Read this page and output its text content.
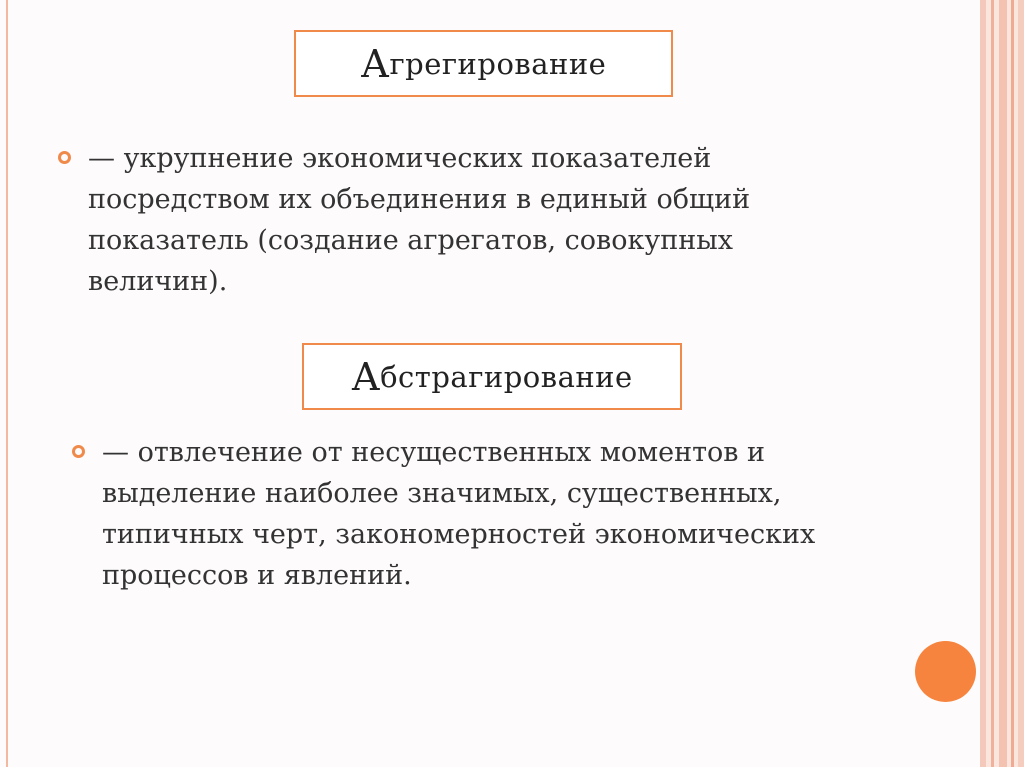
А грегирование
— укрупнение экономических показателей
посредством их объединения в единый общий
показатель (создание агрегатов, совокупных
величин).
А бстрагирование
— отвлечение от несущественных моментов и
выделение наиболее значимых, существенных,
типичных черт, закономерностей экономических
процессов и явлений.
